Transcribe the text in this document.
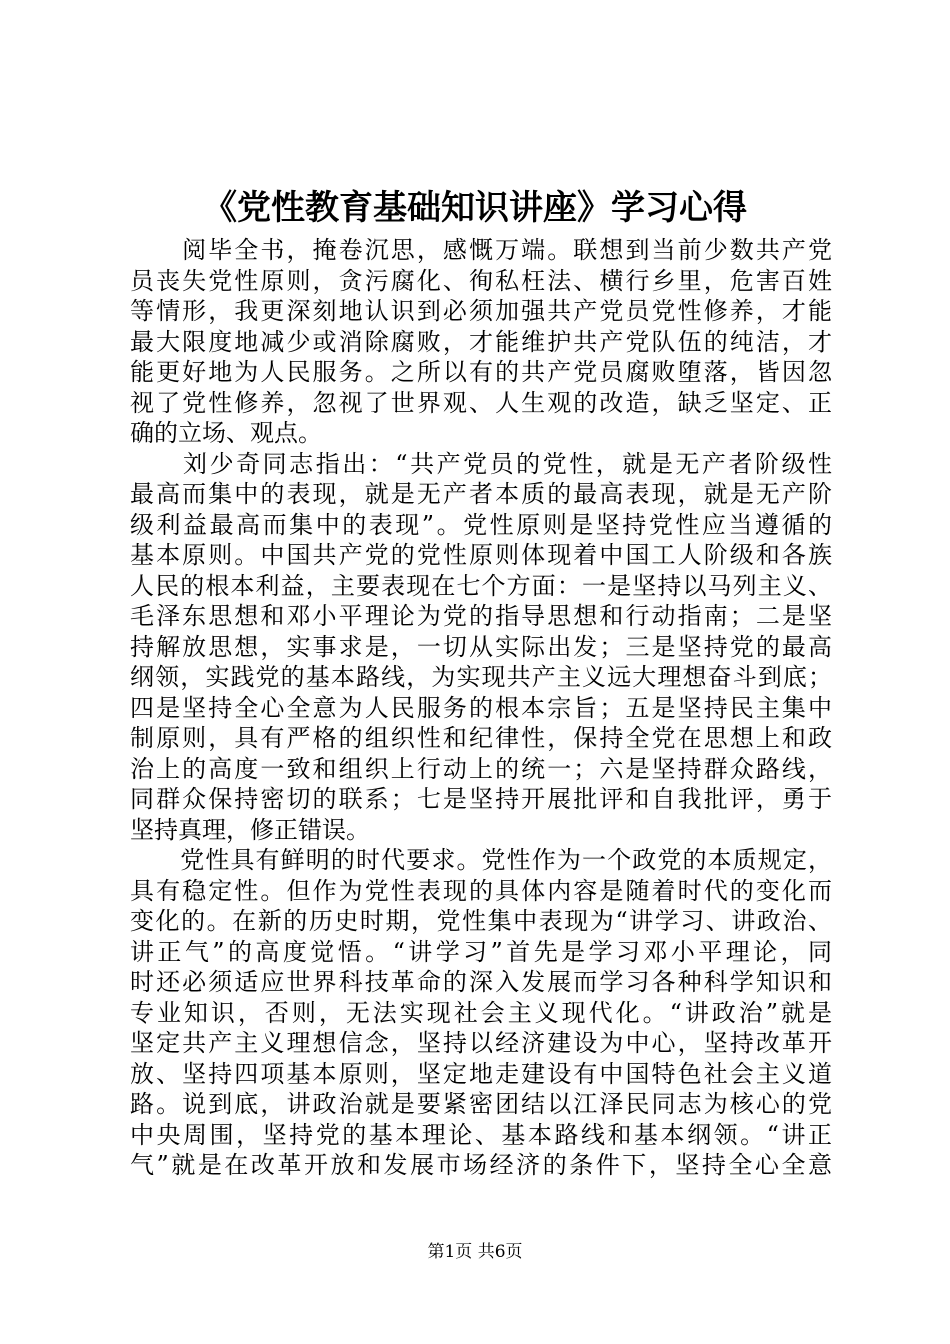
《党性教育基础知识讲座》学习心得
　　阅毕全书，掩卷沉思，感慨万端。联想到当前少数共产党
员丧失党性原则，贪污腐化、徇私枉法、横行乡里，危害百姓
等情形，我更深刻地认识到必须加强共产党员党性修养，才能
最大限度地减少或消除腐败，才能维护共产党队伍的纯洁，才
能更好地为人民服务。之所以有的共产党员腐败堕落，皆因忽
视了党性修养，忽视了世界观、人生观的改造，缺乏坚定、正
确的立场、观点。
　　刘少奇同志指出：“共产党员的党性，就是无产者阶级性
最高而集中的表现，就是无产者本质的最高表现，就是无产阶
级利益最高而集中的表现”。党性原则是坚持党性应当遵循的
基本原则。中国共产党的党性原则体现着中国工人阶级和各族
人民的根本利益，主要表现在七个方面：一是坚持以马列主义、
毛泽东思想和邓小平理论为党的指导思想和行动指南；二是坚
持解放思想，实事求是，一切从实际出发；三是坚持党的最高
纲领，实践党的基本路线，为实现共产主义远大理想奋斗到底；
四是坚持全心全意为人民服务的根本宗旨；五是坚持民主集中
制原则，具有严格的组织性和纪律性，保持全党在思想上和政
治上的高度一致和组织上行动上的统一；六是坚持群众路线，
同群众保持密切的联系；七是坚持开展批评和自我批评，勇于
坚持真理，修正错误。
　　党性具有鲜明的时代要求。党性作为一个政党的本质规定，
具有稳定性。但作为党性表现的具体内容是随着时代的变化而
变化的。在新的历史时期，党性集中表现为“讲学习、讲政治、
讲正气”的高度觉悟。“讲学习”首先是学习邓小平理论，同
时还必须适应世界科技革命的深入发展而学习各种科学知识和
专业知识，否则，无法实现社会主义现代化。“讲政治”就是
坚定共产主义理想信念，坚持以经济建设为中心，坚持改革开
放、坚持四项基本原则，坚定地走建设有中国特色社会主义道
路。说到底，讲政治就是要紧密团结以江泽民同志为核心的党
中央周围，坚持党的基本理论、基本路线和基本纲领。“讲正
气”就是在改革开放和发展市场经济的条件下，坚持全心全意
第1页 共6页
